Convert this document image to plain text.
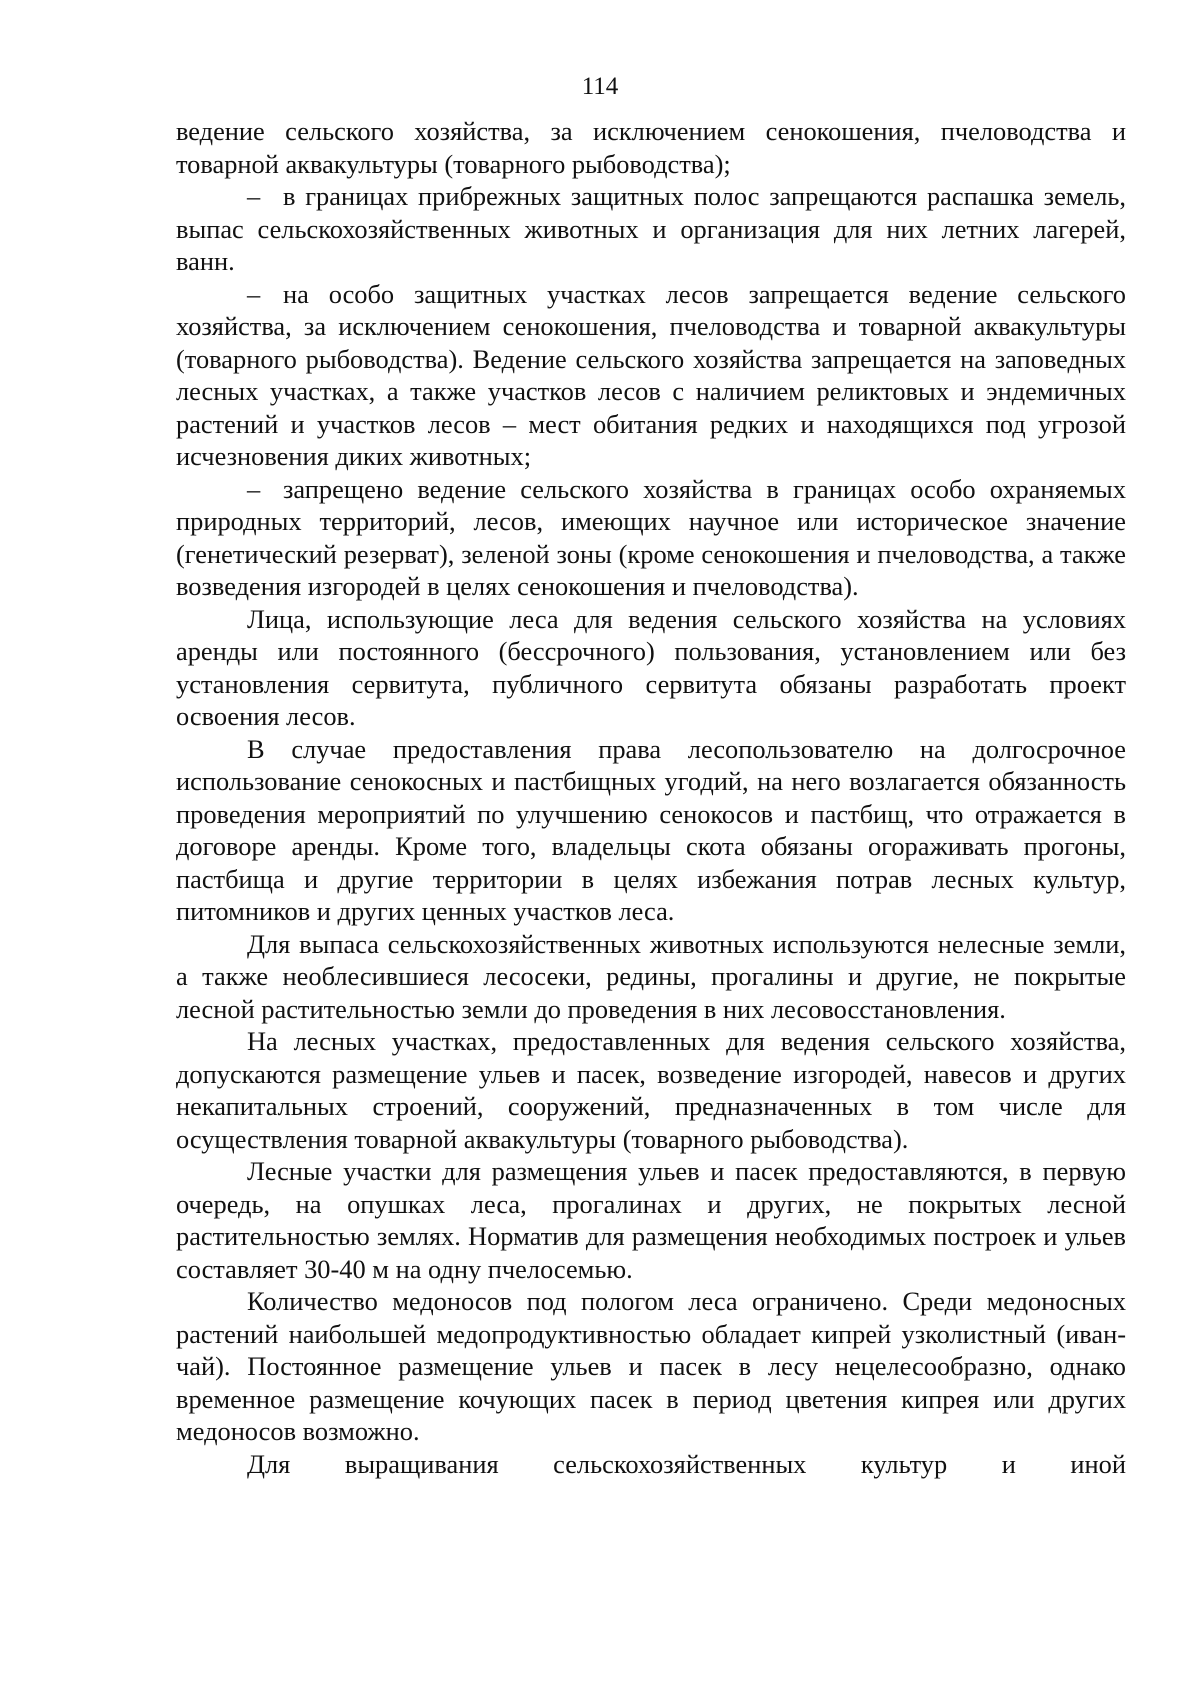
114

ведение сельского хозяйства, за исключением сенокошения, пчеловодства и товарной аквакультуры (товарного рыбоводства);

– в границах прибрежных защитных полос запрещаются распашка земель, выпас сельскохозяйственных животных и организация для них летних лагерей, ванн.

– на особо защитных участках лесов запрещается ведение сельского хозяйства, за исключением сенокошения, пчеловодства и товарной аквакультуры (товарного рыбоводства). Ведение сельского хозяйства запрещается на заповедных лесных участках, а также участков лесов с наличием реликтовых и эндемичных растений и участков лесов – мест обитания редких и находящихся под угрозой исчезновения диких животных;

– запрещено ведение сельского хозяйства в границах особо охраняемых природных территорий, лесов, имеющих научное или историческое значение (генетический резерват), зеленой зоны (кроме сенокошения и пчеловодства, а также возведения изгородей в целях сенокошения и пчеловодства).

Лица, использующие леса для ведения сельского хозяйства на условиях аренды или постоянного (бессрочного) пользования, установлением или без установления сервитута, публичного сервитута обязаны разработать проект освоения лесов.

В случае предоставления права лесопользователю на долгосрочное использование сенокосных и пастбищных угодий, на него возлагается обязанность проведения мероприятий по улучшению сенокосов и пастбищ, что отражается в договоре аренды. Кроме того, владельцы скота обязаны огораживать прогоны, пастбища и другие территории в целях избежания потрав лесных культур, питомников и других ценных участков леса.

Для выпаса сельскохозяйственных животных используются нелесные земли, а также необлесившиеся лесосеки, редины, прогалины и другие, не покрытые лесной растительностью земли до проведения в них лесовосстановления.

На лесных участках, предоставленных для ведения сельского хозяйства, допускаются размещение ульев и пасек, возведение изгородей, навесов и других некапитальных строений, сооружений, предназначенных в том числе для осуществления товарной аквакультуры (товарного рыбоводства).

Лесные участки для размещения ульев и пасек предоставляются, в первую очередь, на опушках леса, прогалинах и других, не покрытых лесной растительностью землях. Норматив для размещения необходимых построек и ульев составляет 30-40 м на одну пчелосемью.

Количество медоносов под пологом леса ограничено. Среди медоносных растений наибольшей медопродуктивностью обладает кипрей узколистный (иван-чай). Постоянное размещение ульев и пасек в лесу нецелесообразно, однако временное размещение кочующих пасек в период цветения кипрея или других медоносов возможно.

Для выращивания сельскохозяйственных культур и иной
